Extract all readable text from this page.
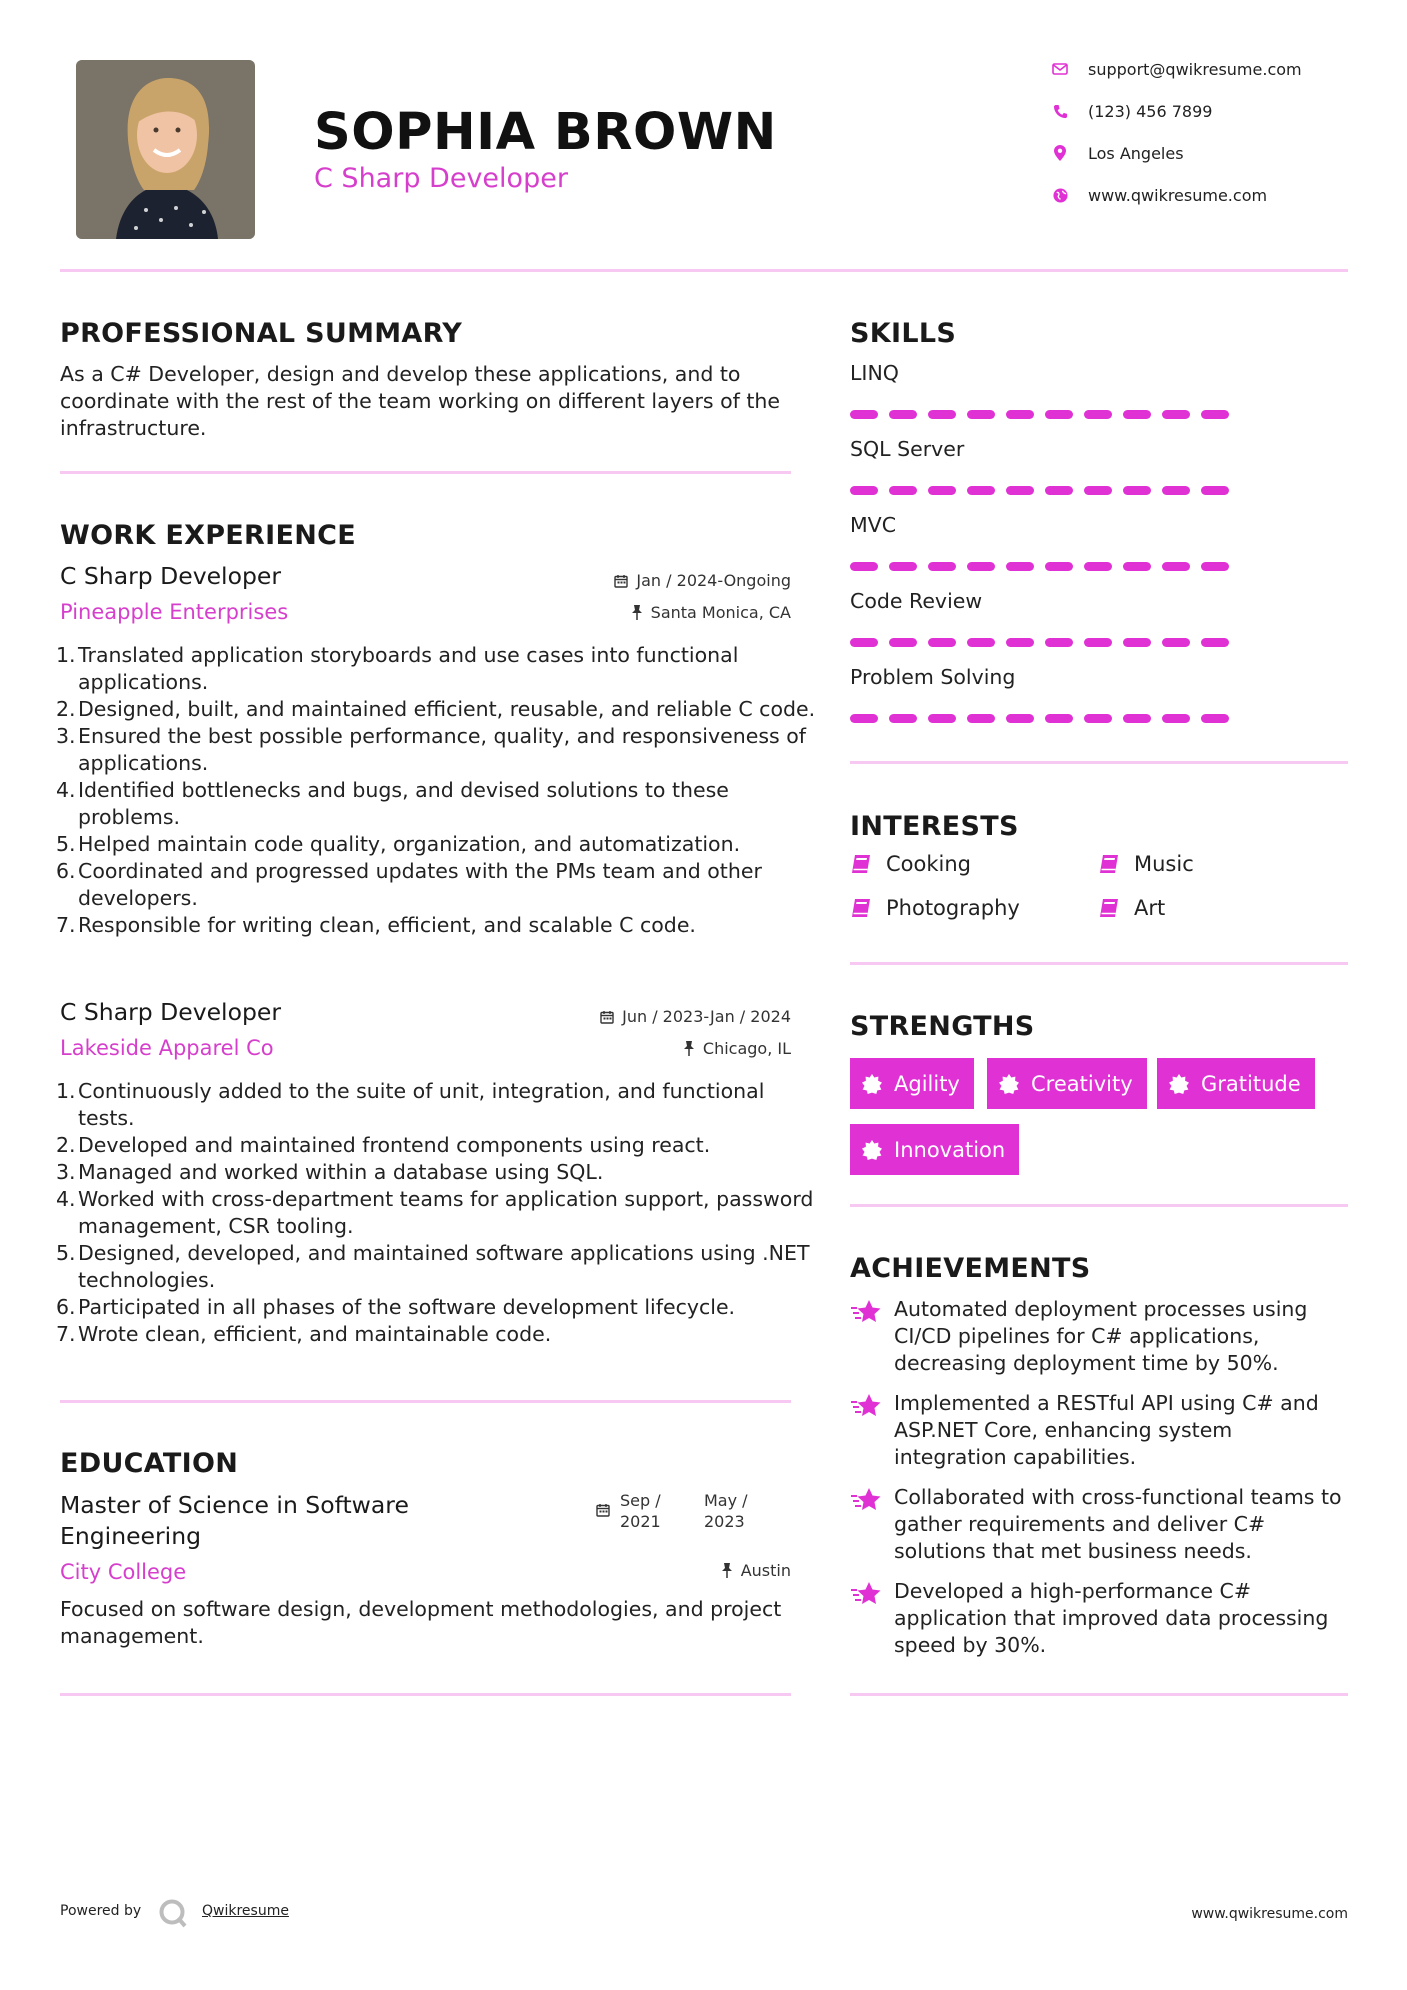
SOPHIA BROWN
C Sharp Developer
support@qwikresume.com
(123) 456 7899
Los Angeles
www.qwikresume.com
PROFESSIONAL SUMMARY
As a C# Developer, design and develop these applications, and to coordinate with the rest of the team working on different layers of the infrastructure.
WORK EXPERIENCE
C Sharp Developer
Pineapple Enterprises
Jan / 2024-Ongoing
Santa Monica, CA
Translated application storyboards and use cases into functional applications.
Designed, built, and maintained efficient, reusable, and reliable C code.
Ensured the best possible performance, quality, and responsiveness of applications.
Identified bottlenecks and bugs, and devised solutions to these problems.
Helped maintain code quality, organization, and automatization.
Coordinated and progressed updates with the PMs team and other developers.
Responsible for writing clean, efficient, and scalable C code.
C Sharp Developer
Lakeside Apparel Co
Jun / 2023-Jan / 2024
Chicago, IL
Continuously added to the suite of unit, integration, and functional tests.
Developed and maintained frontend components using react.
Managed and worked within a database using SQL.
Worked with cross-department teams for application support, password management, CSR tooling.
Designed, developed, and maintained software applications using .NET technologies.
Participated in all phases of the software development lifecycle.
Wrote clean, efficient, and maintainable code.
EDUCATION
Master of Science in Software Engineering
City College
Sep / 2021
May / 2023
Austin
Focused on software design, development methodologies, and project management.
SKILLS
LINQ
SQL Server
MVC
Code Review
Problem Solving
INTERESTS
Cooking	Music
Photography	Art
STRENGTHS
Agility	Creativity	Gratitude
Innovation
ACHIEVEMENTS
Automated deployment processes using CI/CD pipelines for C# applications, decreasing deployment time by 50%.
Implemented a RESTful API using C# and ASP.NET Core, enhancing system integration capabilities.
Collaborated with cross-functional teams to gather requirements and deliver C# solutions that met business needs.
Developed a high-performance C# application that improved data processing speed by 30%.
Powered by	Qwikresume	www.qwikresume.com
